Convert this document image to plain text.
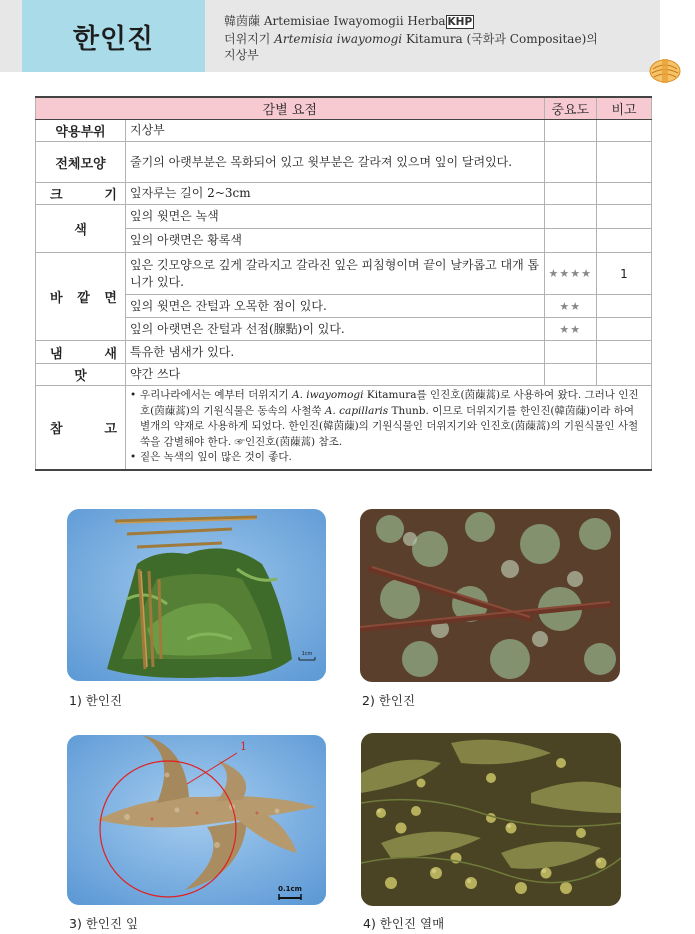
한인진
韓茵蔯 Artemisiae Iwayomogii Herba KHP
더위지기 Artemisia iwayomogi Kitamura (국화과 Compositae)의
지상부
감별 요점		중요도	비고
약용부위	지상부		
전체모양	줄기의 아랫부분은 목화되어 있고 윗부분은 갈라져 있으며 잎이 달려있다.		
크 기	잎자루는 길이 2~3cm		
색	잎의 윗면은 녹색		
	잎의 아랫면은 황록색		
바 깥 면	잎은 깃모양으로 깊게 갈라지고 갈라진 잎은 피침형이며 끝이 날카롭고 대개 톱니가 있다.	★★★★	1
	잎의 윗면은 잔털과 오목한 점이 있다.	★★	
	잎의 아랫면은 잔털과 선점(腺點)이 있다.	★★	
냄 새	특유한 냄새가 있다.		
맛	약간 쓰다		
참 고	• 우리나라에서는 예부터 더위지기 A. iwayomogi Kitamura를 인진호(茵蔯蒿)로 사용하여 왔다. 그러나 인진호(茵蔯蒿)의 기원식물은 동속의 사철쑥 A. capillaris Thunb. 이므로 더위지기를 한인진(韓茵蔯)이라 하여 별개의 약재로 사용하게 되었다. 한인진(韓茵蔯)의 기원식물인 더위지기와 인진호(茵蔯蒿)의 기원식물인 사철쑥을 감별해야 한다. ☞인진호(茵蔯蒿) 참조.
• 짙은 녹색의 잎이 많은 것이 좋다.		
1cm
1) 한인진	2) 한인진
1
0.1cm
3) 한인진 잎	4) 한인진 열매
